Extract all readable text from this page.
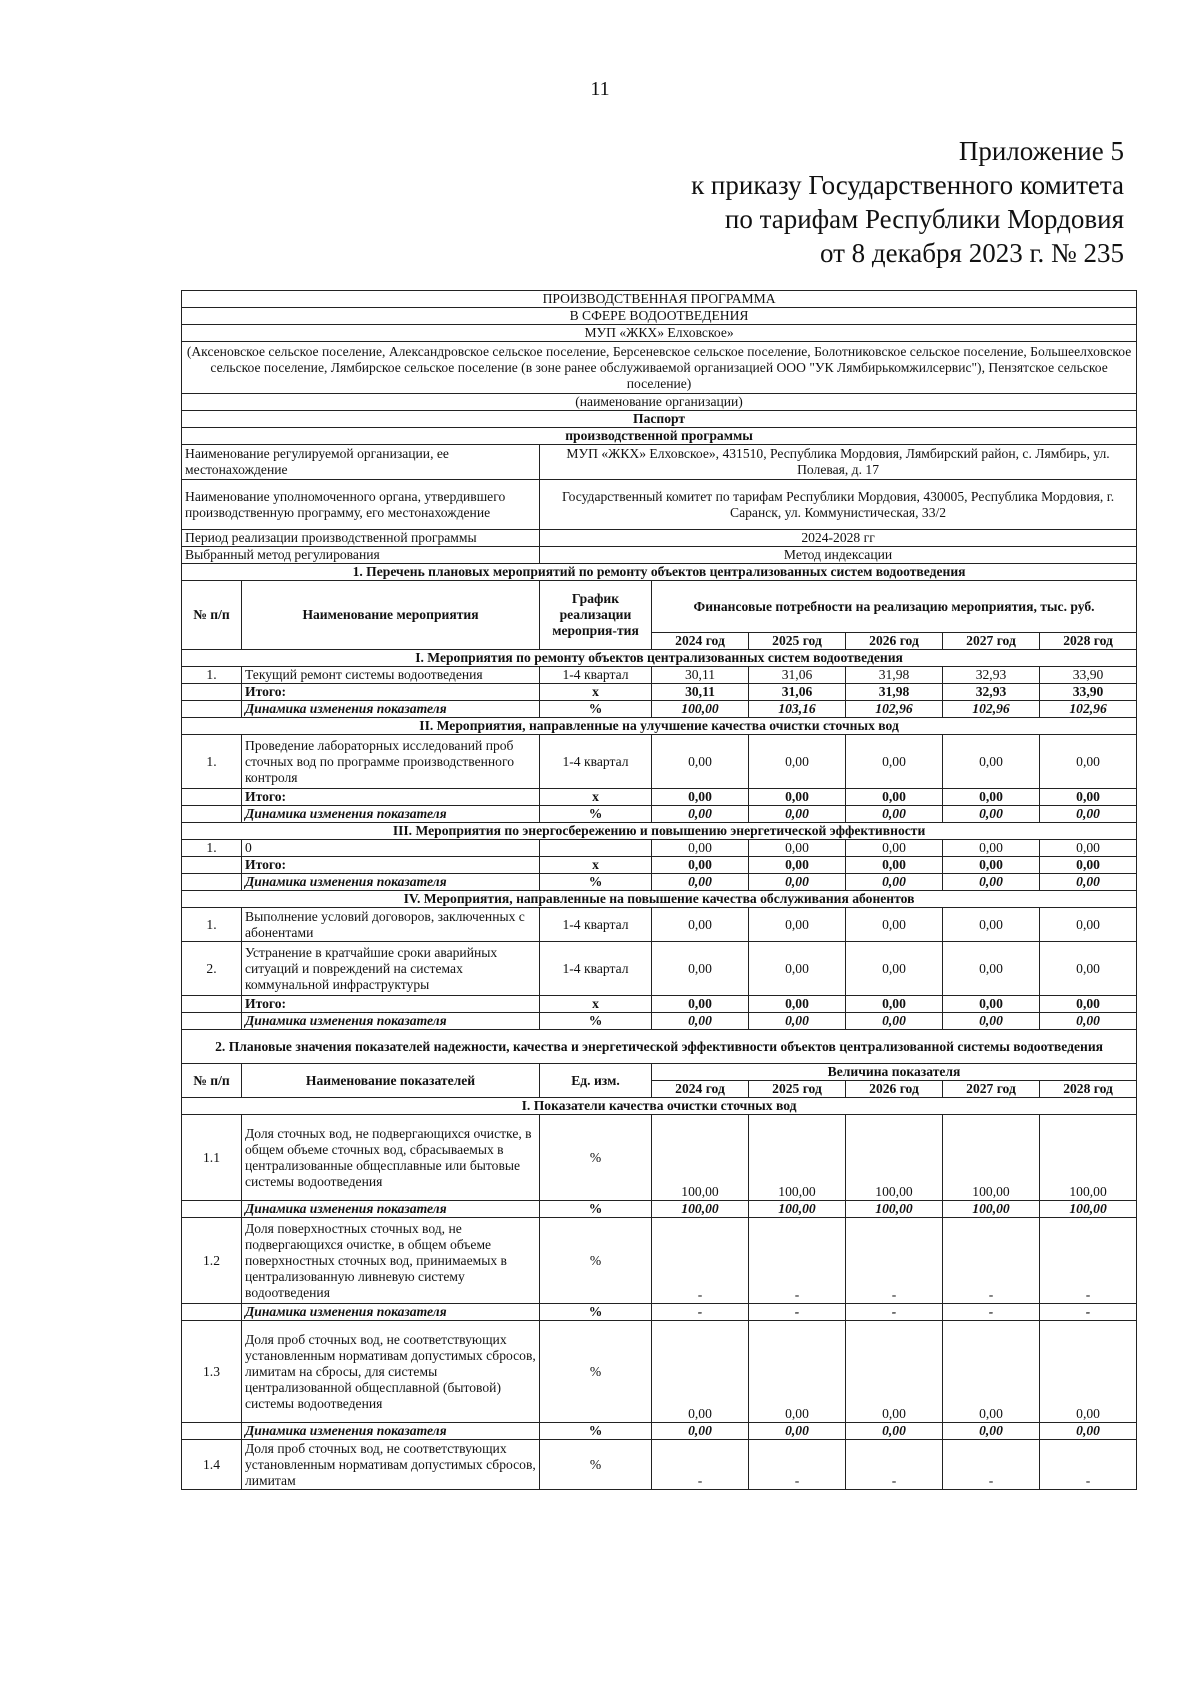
11
Приложение 5
к приказу Государственного комитета
по тарифам Республики Мордовия
от 8 декабря 2023 г. № 235
ПРОИЗВОДСТВЕННАЯ ПРОГРАММА							
В СФЕРЕ ВОДООТВЕДЕНИЯ							
МУП «ЖКХ» Елховское»							
(Аксеновское сельское поселение, Александровское сельское поселение, Берсеневское сельское поселение, Болотниковское сельское поселение, Большеелховское сельское поселение, Лямбирское сельское поселение (в зоне ранее обслуживаемой организацией ООО "УК Лямбирькомжилсервис"), Пензятское сельское поселение)							
(наименование организации)							
Паспорт							
производственной программы							
Наименование регулируемой организации, ее местонахождение		МУП «ЖКХ» Елховское», 431510, Республика Мордовия, Лямбирский район, с. Лямбирь, ул. Полевая, д. 17					
Наименование уполномоченного органа, утвердившего производственную программу, его местонахождение		Государственный комитет по тарифам Республики Мордовия, 430005, Республика Мордовия, г. Саранск, ул. Коммунистическая, 33/2					
Период реализации производственной программы		2024-2028 гг					
Выбранный метод регулирования		Метод индексации					
1. Перечень плановых мероприятий по ремонту объектов централизованных систем водоотведения							
№ п/п	Наименование мероприятия	График реализации мероприя-тия	Финансовые потребности на реализацию мероприятия, тыс. руб.				
			2024 год	2025 год	2026 год	2027 год	2028 год
I. Мероприятия по ремонту объектов централизованных систем водоотведения							
1.	Текущий ремонт системы водоотведения	1-4 квартал	30,11	31,06	31,98	32,93	33,90
	Итого:	х	30,11	31,06	31,98	32,93	33,90
	Динамика изменения показателя	%	100,00	103,16	102,96	102,96	102,96
II. Мероприятия, направленные на улучшение качества очистки сточных вод							
1.	Проведение лабораторных исследований проб сточных вод по программе производственного контроля	1-4 квартал	0,00	0,00	0,00	0,00	0,00
	Итого:	х	0,00	0,00	0,00	0,00	0,00
	Динамика изменения показателя	%	0,00	0,00	0,00	0,00	0,00
III. Мероприятия по энергосбережению и повышению энергетической эффективности							
1.	0		0,00	0,00	0,00	0,00	0,00
	Итого:	х	0,00	0,00	0,00	0,00	0,00
	Динамика изменения показателя	%	0,00	0,00	0,00	0,00	0,00
IV. Мероприятия, направленные на повышение качества обслуживания абонентов							
1.	Выполнение условий договоров, заключенных с абонентами	1-4 квартал	0,00	0,00	0,00	0,00	0,00
2.	Устранение в кратчайшие сроки аварийных ситуаций и повреждений на системах коммунальной инфраструктуры	1-4 квартал	0,00	0,00	0,00	0,00	0,00
	Итого:	х	0,00	0,00	0,00	0,00	0,00
	Динамика изменения показателя	%	0,00	0,00	0,00	0,00	0,00
2. Плановые значения показателей надежности, качества и энергетической эффективности объектов централизованной системы водоотведения							
№ п/п	Наименование показателей	Ед. изм.	Величина показателя				
			2024 год	2025 год	2026 год	2027 год	2028 год
I. Показатели качества очистки сточных вод							
1.1	Доля сточных вод, не подвергающихся очистке, в общем объеме сточных вод, сбрасываемых в централизованные общесплавные или бытовые системы водоотведения	%	100,00	100,00	100,00	100,00	100,00
	Динамика изменения показателя	%	100,00	100,00	100,00	100,00	100,00
1.2	Доля поверхностных сточных вод, не подвергающихся очистке, в общем объеме поверхностных сточных вод, принимаемых в централизованную ливневую систему водоотведения	%	-	-	-	-	-
	Динамика изменения показателя	%	-	-	-	-	-
1.3	Доля проб сточных вод, не соответствующих установленным нормативам допустимых сбросов, лимитам на сбросы, для системы централизованной общесплавной (бытовой) системы водоотведения	%	0,00	0,00	0,00	0,00	0,00
	Динамика изменения показателя	%	0,00	0,00	0,00	0,00	0,00
1.4	Доля проб сточных вод, не соответствующих установленным нормативам допустимых сбросов, лимитам	%	-	-	-	-	-
